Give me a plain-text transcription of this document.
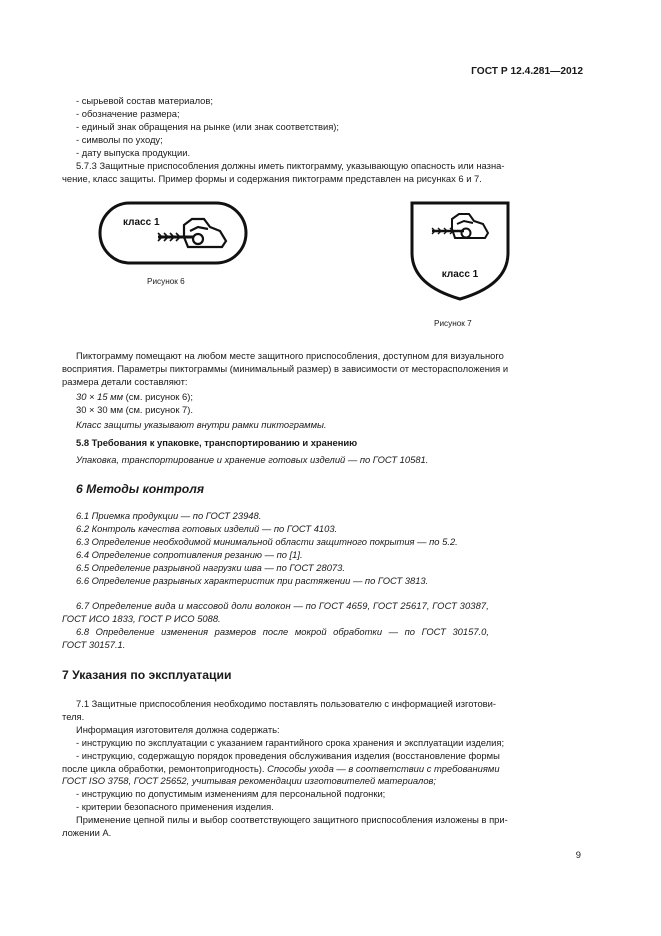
ГОСТ Р 12.4.281—2012

- сырьевой состав материалов;

- обозначение размера;

- единый знак обращения на рынке (или знак соответствия);

- символы по уходу;

- дату выпуска продукции.

5.7.3 Защитные приспособления должны иметь пиктограмму, указывающую опасность или назна-

чение, класс защиты. Пример формы и содержания пиктограмм представлен на рисунках 6 и 7.

класс 1
Рисунок 6
класс 1
Рисунок 7

Пиктограмму помещают на любом месте защитного приспособления, доступном для визуального

восприятия. Параметры пиктограммы (минимальный размер) в зависимости от месторасположения и

размера детали составляют:

30 × 15 мм (см. рисунок 6);

30 × 30 мм (см. рисунок 7).

Класс защиты указывают внутри рамки пиктограммы.

5.8 Требования к упаковке, транспортированию и хранению

Упаковка, транспортирование и хранение готовых изделий — по ГОСТ 10581.

6 Методы контроля

6.1 Приемка продукции — по ГОСТ 23948.

6.2 Контроль качества готовых изделий — по ГОСТ 4103.

6.3 Определение необходимой минимальной области защитного покрытия — по 5.2.

6.4 Определение сопротивления резанию — по [1].

6.5 Определение разрывной нагрузки шва — по ГОСТ 28073.

6.6 Определение разрывных характеристик при растяжении — по ГОСТ 3813.

6.7 Определение вида и массовой доли волокон — по ГОСТ 4659, ГОСТ 25617, ГОСТ 30387,

ГОСТ ИСО 1833, ГОСТ Р ИСО 5088.

6.8 Определение изменения размеров после мокрой обработки — по ГОСТ 30157.0,

ГОСТ 30157.1.

7 Указания по эксплуатации

7.1 Защитные приспособления необходимо поставлять пользователю с информацией изготови-

теля.

Информация изготовителя должна содержать:

- инструкцию по эксплуатации с указанием гарантийного срока хранения и эксплуатации изделия;

- инструкцию, содержащую порядок проведения обслуживания изделия (восстановление формы

после цикла обработки, ремонтопригодность). Способы ухода — в соответствии с требованиями

ГОСТ ISO 3758, ГОСТ 25652, учитывая рекомендации изготовителей материалов;

- инструкцию по допустимым изменениям для персональной подгонки;

- критерии безопасного применения изделия.

Применение цепной пилы и выбор соответствующего защитного приспособления изложены в при-

ложении А.

9
